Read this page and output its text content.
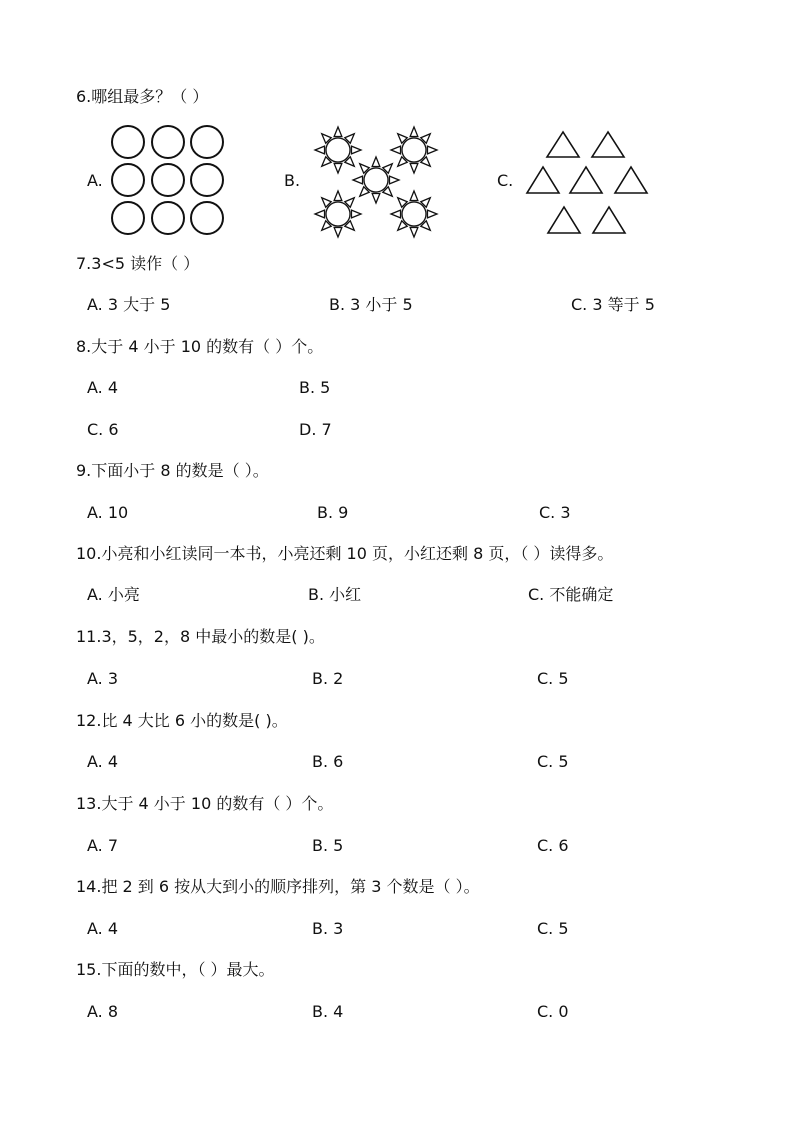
6.哪组最多？（ ）
A.	B.	C.
7.3<5 读作（ ）
A. 3 大于 5	B. 3 小于 5	C. 3 等于 5
8.大于 4 小于 10 的数有（ ）个。
A. 4	B. 5
C. 6	D. 7
9.下面小于 8 的数是（ ）。
A. 10	B. 9	C. 3
10.小亮和小红读同一本书，小亮还剩 10 页，小红还剩 8 页，（ ）读得多。
A. 小亮	B. 小红	C. 不能确定
11.3，5，2，8 中最小的数是( )。
A. 3	B. 2	C. 5
12.比 4 大比 6 小的数是( )。
A. 4	B. 6	C. 5
13.大于 4 小于 10 的数有（ ）个。
A. 7	B. 5	C. 6
14.把 2 到 6 按从大到小的顺序排列，第 3 个数是（ ）。
A. 4	B. 3	C. 5
15.下面的数中，（ ）最大。
A. 8	B. 4	C. 0
